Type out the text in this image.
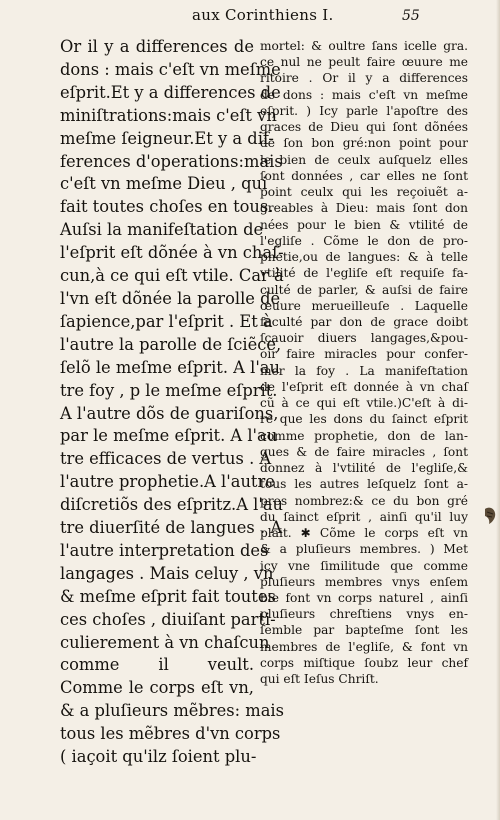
aux Corinthiens I.	55
Or il y a differences de
dons : mais c'eſt vn meſme
eſprit.Et y a differences de
miniſtrations:mais c'eſt vn
meſme ſeigneur.Et y a dif-
ferences d'operations:mais
c'eſt vn meſme Dieu , qui
fait toutes choſes en tous.
Auſsi la manifeſtation de
l'eſprit eſt dõnée à vn chaſ-
cun,à ce qui eſt vtile. Car à
l'vn eſt dõnée la parolle de
ſapience,par l'eſprit . Et à
l'autre la parolle de ſciẽce,
ſelõ le meſme eſprit. A l'au
tre foy , p le meſme eſprit.
A l'autre dõs de guariſons,
par le meſme eſprit. A l'au
tre efficaces de vertus . A
l'autre prophetie.A l'autre
diſcretiõs des eſpritz.A l'au
tre diuerſité de langues . A
l'autre interpretation des
langages . Mais celuy , vn
& meſme eſprit fait toutes
ces choſes , diuiſant parti-
culierement à vn chaſcun
comme il veult.
Comme le corps eſt vn,
& a pluſieurs mẽbres: mais
tous les mẽbres d'vn corps
( iaçoit qu'ilz ſoient plu-
mortel: & oultre ſans icelle gra.
ce nul ne peult faire œuure me
ritoire . Or il y a differences
de dons : mais c'eſt vn meſme
eſprit. ) Icy parle l'apoſtre des
graces de Dieu qui ſont dõnées
de ſon bon gré:non point pour
le bien de ceulx auſquelz elles
ſont données , car elles ne ſont
point ceulx qui les reçoiuẽt a-
greables à Dieu: mais ſont don
nées pour le bien & vtilité de
l'egliſe . Cõme le don de pro-
phetie,ou de langues: & à telle
vtilité de l'egliſe eſt requiſe fa-
culté de parler, & auſsi de faire
œuure merueilleuſe . Laquelle
faculté par don de grace doibt
ſçauoir diuers langages,&pou-
oir faire miracles pour confer-
mer la foy . La manifeſtation
de l'eſprit eſt donnée à vn chaſ
cũ à ce qui eſt vtile.)C'eſt à di-
re que les dons du ſainct eſprit
comme prophetie, don de lan-
gues & de faire miracles , ſont
donnez à l'vtilité de l'egliſe,&
tous les autres leſquelz ſont a-
pres nombrez:& ce du bon gré
du ſainct eſprit , ainſi qu'il luy
plait. ✱ Cõme le corps eſt vn
& a pluſieurs membres. ) Met
icy vne ſimilitude que comme
pluſieurs membres vnys enſem
ble font vn corps naturel , ainſi
pluſieurs chreſtiens vnys en-
ſemble par bapteſme ſont les
membres de l'egliſe, & font vn
corps miſtique ſoubz leur chef
qui eſt Ieſus Chriſt.
